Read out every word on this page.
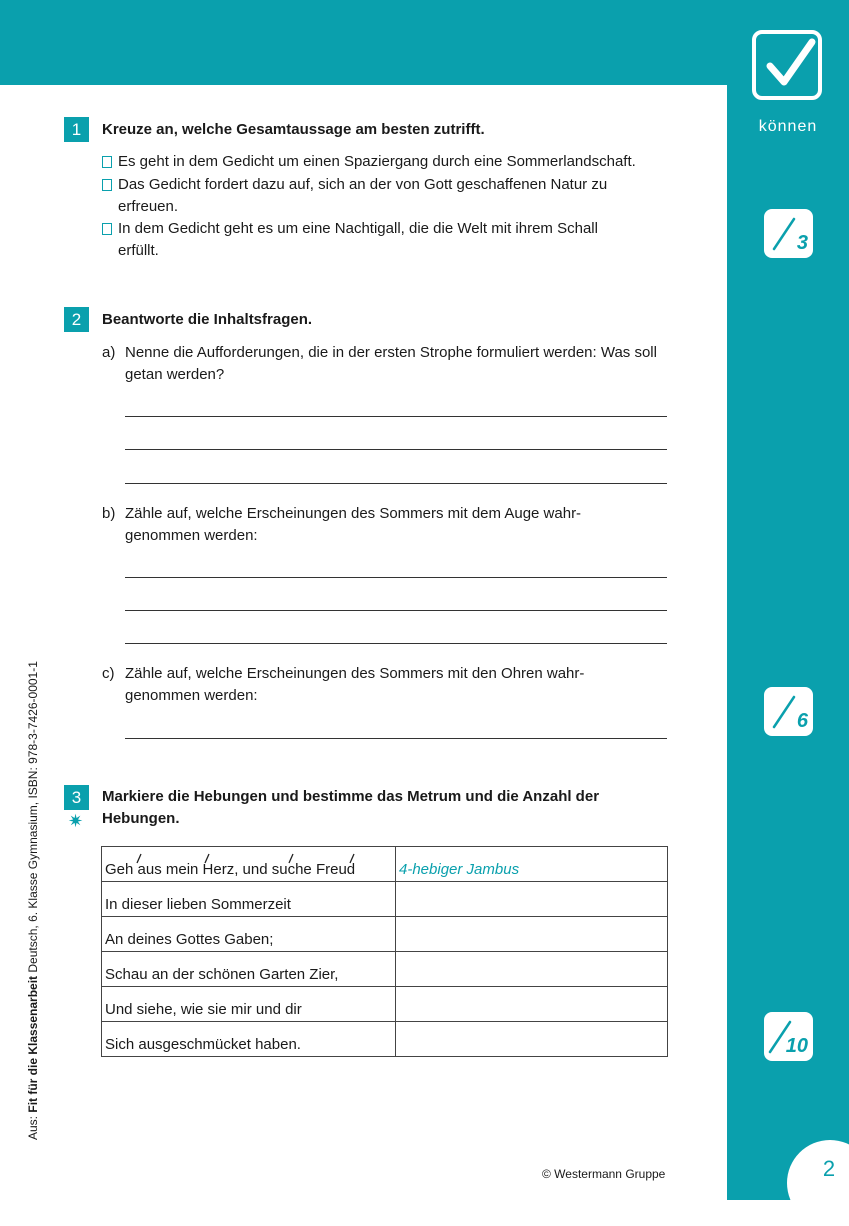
können
3
6
10
2
1	Kreuze an, welche Gesamtaussage am besten zutrifft.
Es geht in dem Gedicht um einen Spaziergang durch eine Sommerlandschaft.
Das Gedicht fordert dazu auf, sich an der von Gott geschaffenen Natur zu erfreuen.
In dem Gedicht geht es um eine Nachtigall, die die Welt mit ihrem Schall erfüllt.
2	Beantworte die Inhaltsfragen.
a) Nenne die Aufforderungen, die in der ersten Strophe formuliert werden: Was soll getan werden?
b) Zähle auf, welche Erscheinungen des Sommers mit dem Auge wahr-genommen werden:
c) Zähle auf, welche Erscheinungen des Sommers mit den Ohren wahr-genommen werden:
3
✷
Markiere die Hebungen und bestimme das Metrum und die Anzahl der Hebungen.
Geh aus mein Herz, und suche Freud	4-hebiger Jambus
In dieser lieben Sommerzeit	
An deines Gottes Gaben;	
Schau an der schönen Garten Zier,	
Und siehe, wie sie mir und dir	
Sich ausgeschmücket haben.	
© Westermann Gruppe
Aus: Fit für die Klassenarbeit Deutsch, 6. Klasse Gymnasium, ISBN: 978-3-7426-0001-1
